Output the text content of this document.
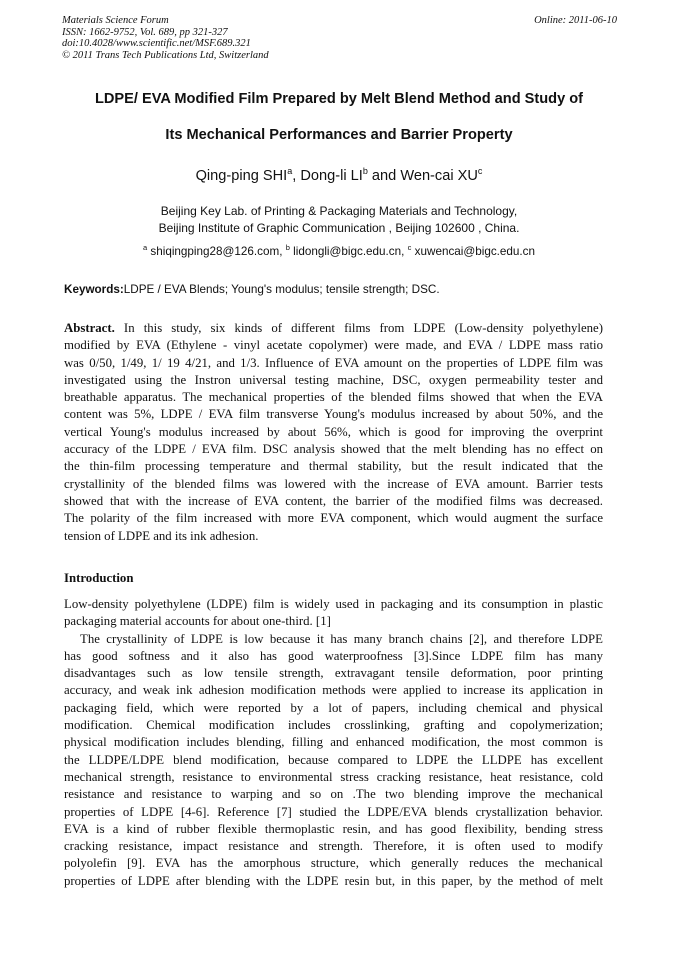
Materials Science Forum
ISSN: 1662-9752, Vol. 689, pp 321-327
doi:10.4028/www.scientific.net/MSF.689.321
© 2011 Trans Tech Publications Ltd, Switzerland
Online: 2011-06-10
LDPE/ EVA Modified Film Prepared by Melt Blend Method and Study of
Its Mechanical Performances and Barrier Property
Qing-ping SHI$^a$, Dong-li $LI^b$ and Wen-cai $XU^c$
Beijing Key Lab. of Printing & Packaging Materials and Technology,
Beijing Institute of Graphic Communication , Beijing 102600 , China.
$^a$ shiqingping28@126.com, $^b$ lidongli@bigc.edu.cn, $^c$ xuwencai@bigc.edu.cn
Keywords:LDPE / EVA Blends; Young's modulus; tensile strength; DSC.
Abstract. In this study, six kinds of different films from LDPE (Low-density polyethylene)
modified by EVA (Ethylene - vinyl acetate copolymer) were made, and EVA / LDPE mass ratio
was 0/50, 1/49, 1/ 19 4/21, and 1/3. Influence of EVA amount on the properties of LDPE film was
investigated using the Instron universal testing machine, DSC, oxygen permeability tester and
breathable apparatus. The mechanical properties of the blended films showed that when the EVA
content was 5%, LDPE / EVA film transverse Young's modulus increased by about 50%, and the
vertical Young's modulus increased by about 56%, which is good for improving the overprint
accuracy of the LDPE / EVA film. DSC analysis showed that the melt blending has no effect on
the thin-film processing temperature and thermal stability, but the result indicated that the
crystallinity of the blended films was lowered with the increase of EVA amount. Barrier tests
showed that with the increase of EVA content, the barrier of the modified films was decreased.
The polarity of the film increased with more EVA component, which would augment the surface
tension of LDPE and its ink adhesion.
Introduction
Low-density polyethylene (LDPE) film is widely used in packaging and its consumption in plastic
packaging material accounts for about one-third. [1]
The crystallinity of LDPE is low because it has many branch chains [2], and therefore LDPE
has good softness and it also has good waterproofness [3].Since LDPE film has many
disadvantages such as low tensile strength, extravagant tensile deformation, poor printing
accuracy, and weak ink adhesion modification methods were applied to increase its application in
packaging field, which were reported by a lot of papers, including chemical and physical
modification. Chemical modification includes crosslinking, grafting and copolymerization;
physical modification includes blending, filling and enhanced modification, the most common is
the LLDPE/LDPE blend modification, because compared to LDPE the LLDPE has excellent
mechanical strength, resistance to environmental stress cracking resistance, heat resistance, cold
resistance and resistance to warping and so on .The two blending improve the mechanical
properties of LDPE [4-6]. Reference [7] studied the LDPE/EVA blends crystallization behavior.
EVA is a kind of rubber flexible thermoplastic resin, and has good flexibility, bending stress
cracking resistance, impact resistance and strength. Therefore, it is often used to modify
polyolefin [9]. EVA has the amorphous structure, which generally reduces the mechanical
properties of LDPE after blending with the LDPE resin but, in this paper, by the method of melt
